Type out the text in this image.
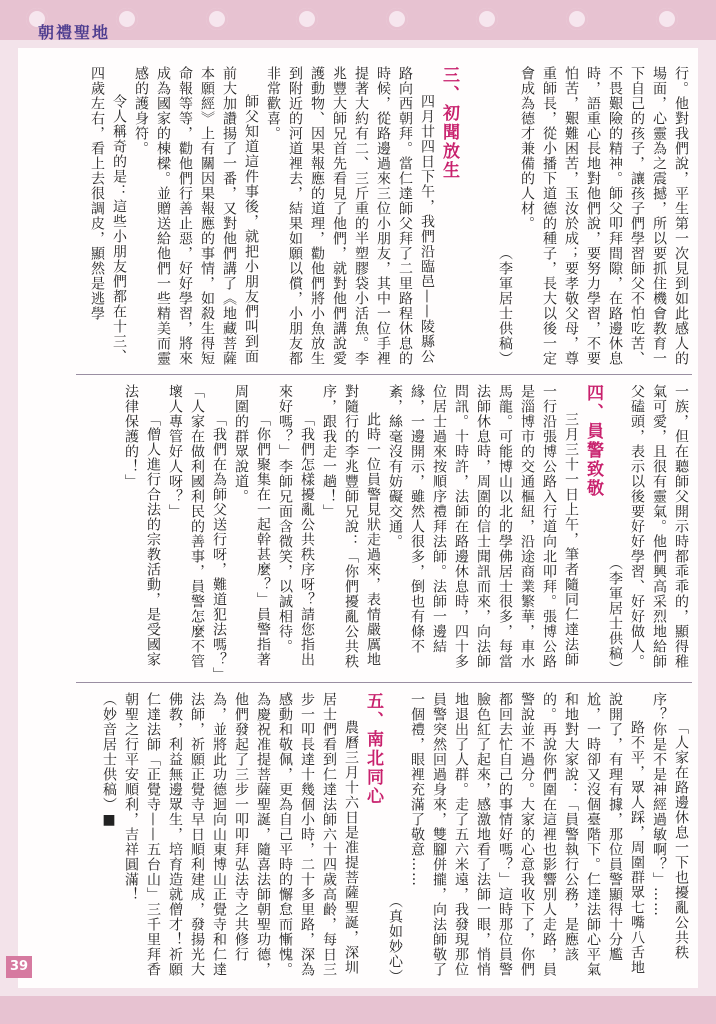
朝禮聖地

行。他對我們說，平生第一次見到如此感人的場面，心靈為之震撼，所以要抓住機會教育一下自己的孩子，讓孩子們學習師父不怕吃苦、不畏艱險的精神。師父叩拜間隙，在路邊休息時，語重心長地對他們說，要努力學習，不要怕苦，艱難困苦，玉汝於成；要孝敬父母，尊重師長，從小播下道德的種子，長大以後一定會成為德才兼備的人材。

（李軍居士供稿）

三、初聞放生

四月廿四日下午，我們沿臨邑——陵縣公路向西朝拜。當仁達師父拜了二里路程休息的時候，從路邊過來三位小朋友，其中一位手裡提著大約有二、三斤重的半塑膠袋小活魚。李兆豐大師兄首先看見了他們，就對他們講說愛護動物、因果報應的道理，勸他們將小魚放生到附近的河道裡去，結果如願以償，小朋友都非常歡喜。

師父知道這件事後，就把小朋友們叫到面前大加讚揚了一番，又對他們講了《地藏菩薩本願經》上有關因果報應的事情，如殺生得短命報等等，勸他們行善止惡，好好學習，將來成為國家的棟樑。並贈送給他們一些精美而靈感的護身符。

令人稱奇的是：這些小朋友們都在十三、四歲左右，看上去很調皮，顯然是逃學

一族，但在聽師父開示時都乖乖的，顯得稚氣可愛，且很有靈氣。他們興高采烈地給師父磕頭，表示以後要好好學習、好好做人。

（李軍居士供稿）

四、員警致敬

三月三十一日上午，筆者隨同仁達法師一行沿張博公路入行道向北叩拜。張博公路是淄博市的交通樞紐，沿途商業繁華，車水馬龍。可能博山以北的學佛居士很多，每當法師休息時，周圍的信士聞訊而來，向法師問訊。十時許，法師在路邊休息時，四十多位居士過來按順序禮拜法師。法師一邊結緣，一邊開示，雖然人很多，倒也有條不紊，絲毫沒有妨礙交通。

此時一位員警見狀走過來，表情嚴厲地對隨行的李兆豐師兄說：「你們擾亂公共秩序，跟我走一趟！」

「我們怎樣擾亂公共秩序呀？請您指出來好嗎？」李師兄面含微笑，以誠相待。

「你們聚集在一起幹甚麼？」員警指著周圍的群眾說道。

「我們在為師父送行呀，難道犯法嗎？」「人家在做利國利民的善事，員警怎麼不管壞人專管好人呀？」

「僧人進行合法的宗教活動，是受國家法律保護的！」

「人家在路邊休息一下也擾亂公共秩序？你是不是神經過敏啊？」……

路不平，眾人踩，周圍群眾七嘴八舌地說開了，有理有據，那位員警顯得十分尷尬，一時卻又沒個臺階下。仁達法師心平氣和地對大家說：「員警執行公務，是應該的。再說你們圍在這裡也影響別人走路，員警說並不過分。大家的心意我收下了，你們都回去忙自己的事情好嗎？」這時那位員警臉色紅了起來，感激地看了法師一眼，悄悄地退出了人群。走了五六米遠，我發現那位員警突然回過身來，雙腳併攏，向法師敬了一個禮，眼裡充滿了敬意……

（真如妙心）

五、南北同心

農曆三月十六日是准提菩薩聖誕，深圳居士們看到仁達法師六十四歲高齡，每日三步一叩長達十幾個小時，二十多里路，深為感動和敬佩，更為自己平時的懈怠而慚愧。為慶祝准提菩薩聖誕，隨喜法師朝聖功德，他們發起了三步一叩叩拜弘法寺之共修行為，並將此功德迴向山東博山正覺寺和仁達法師，祈願正覺寺早日順利建成，發揚光大佛教，利益無邊眾生，培育造就僧才！祈願仁達法師「正覺寺——五台山」三千里拜香朝聖之行平安順利，吉祥圓滿！

（妙音居士供稿）■

39
